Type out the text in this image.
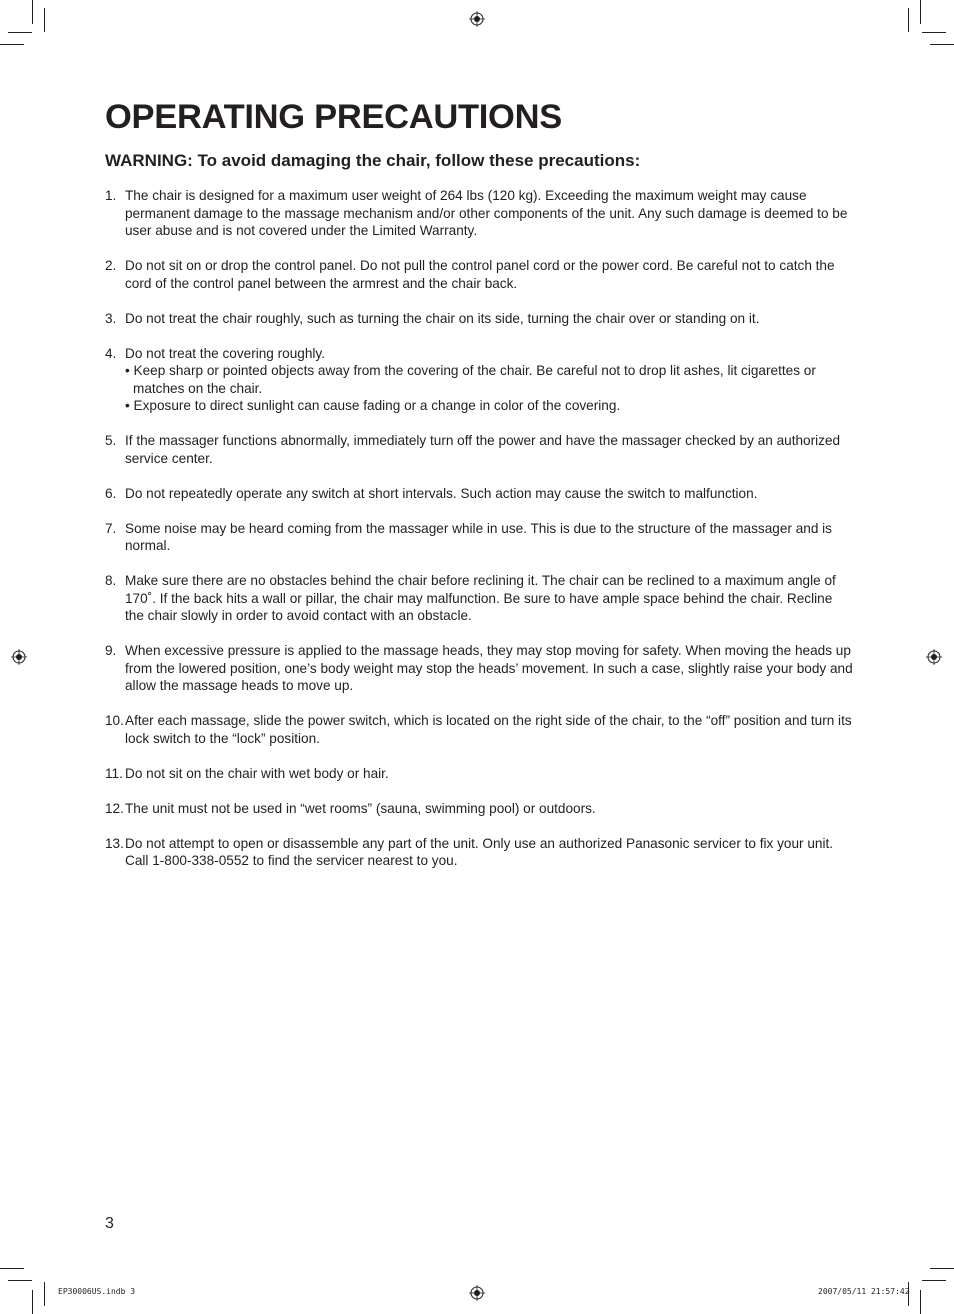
OPERATING PRECAUTIONS
WARNING: To avoid damaging the chair, follow these precautions:
1. The chair is designed for a maximum user weight of 264 lbs (120 kg). Exceeding the maximum weight may cause permanent damage to the massage mechanism and/or other components of the unit. Any such damage is deemed to be user abuse and is not covered under the Limited Warranty.
2. Do not sit on or drop the control panel. Do not pull the control panel cord or the power cord. Be careful not to catch the cord of the control panel between the armrest and the chair back.
3. Do not treat the chair roughly, such as turning the chair on its side, turning the chair over or standing on it.
4. Do not treat the covering roughly.
• Keep sharp or pointed objects away from the covering of the chair. Be careful not to drop lit ashes, lit cigarettes or matches on the chair.
• Exposure to direct sunlight can cause fading or a change in color of the covering.
5. If the massager functions abnormally, immediately turn off the power and have the massager checked by an authorized service center.
6. Do not repeatedly operate any switch at short intervals. Such action may cause the switch to malfunction.
7. Some noise may be heard coming from the massager while in use. This is due to the structure of the massager and is normal.
8. Make sure there are no obstacles behind the chair before reclining it. The chair can be reclined to a maximum angle of 170˚. If the back hits a wall or pillar, the chair may malfunction. Be sure to have ample space behind the chair. Recline the chair slowly in order to avoid contact with an obstacle.
9. When excessive pressure is applied to the massage heads, they may stop moving for safety. When moving the heads up from the lowered position, one’s body weight may stop the heads’ movement. In such a case, slightly raise your body and allow the massage heads to move up.
10. After each massage, slide the power switch, which is located on the right side of the chair, to the “off” position and turn its lock switch to the “lock” position.
11. Do not sit on the chair with wet body or hair.
12. The unit must not be used in “wet rooms” (sauna, swimming pool) or outdoors.
13. Do not attempt to open or disassemble any part of the unit. Only use an authorized Panasonic servicer to fix your unit. Call 1-800-338-0552 to find the servicer nearest to you.
3
EP30006US.indb 3	2007/05/11 21:57:42
